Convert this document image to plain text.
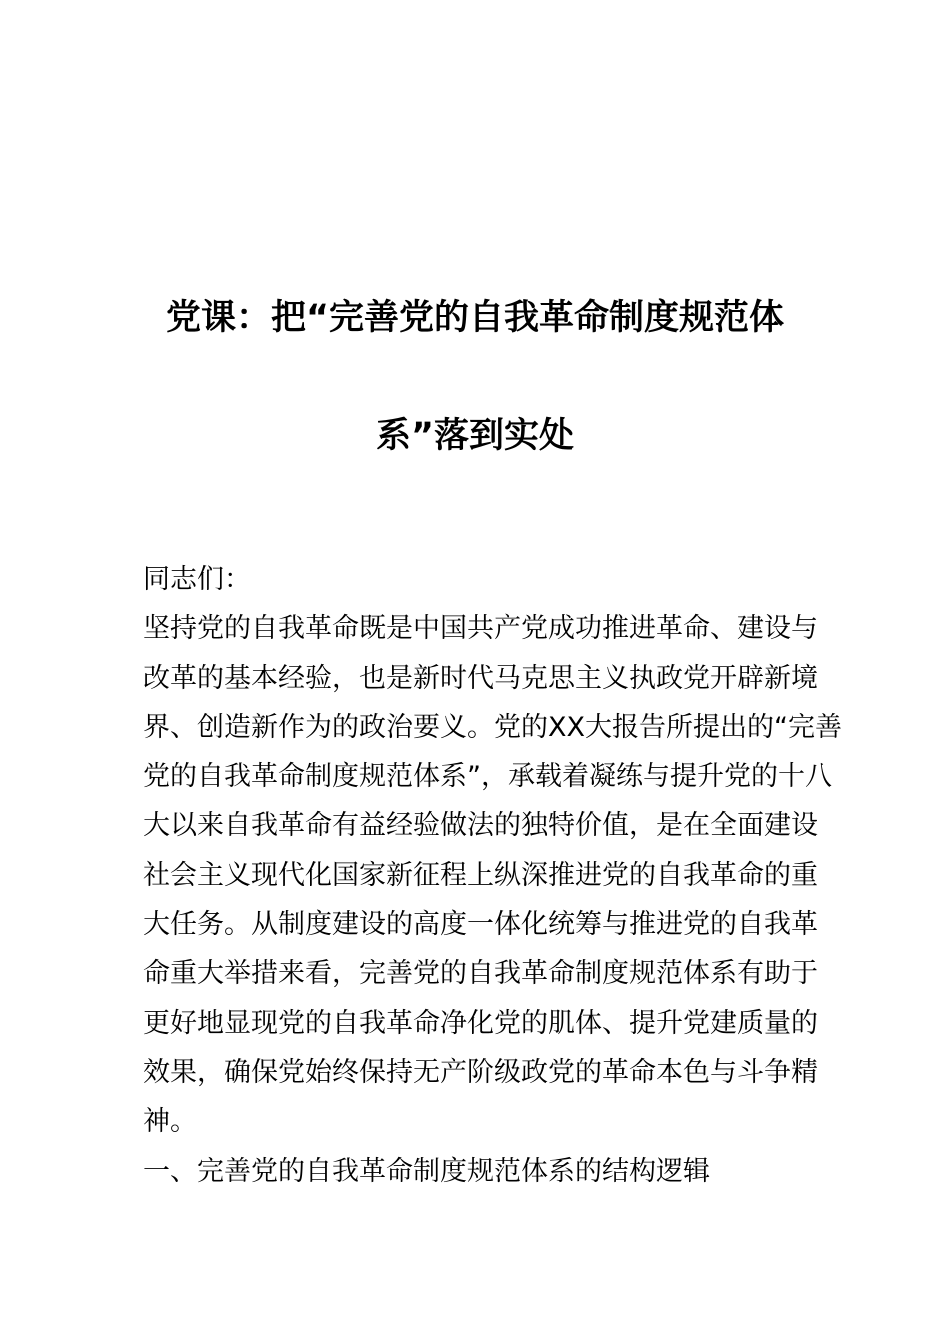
党课：把“完善党的自我革命制度规范体
系”落到实处

同志们：

坚持党的自我革命既是中国共产党成功推进革命、建设与

改革的基本经验，也是新时代马克思主义执政党开辟新境

界、创造新作为的政治要义。党的XX大报告所提出的“完善

党的自我革命制度规范体系”，承载着凝练与提升党的十八

大以来自我革命有益经验做法的独特价值，是在全面建设

社会主义现代化国家新征程上纵深推进党的自我革命的重

大任务。从制度建设的高度一体化统筹与推进党的自我革

命重大举措来看，完善党的自我革命制度规范体系有助于

更好地显现党的自我革命净化党的肌体、提升党建质量的

效果，确保党始终保持无产阶级政党的革命本色与斗争精

神。

一、完善党的自我革命制度规范体系的结构逻辑
